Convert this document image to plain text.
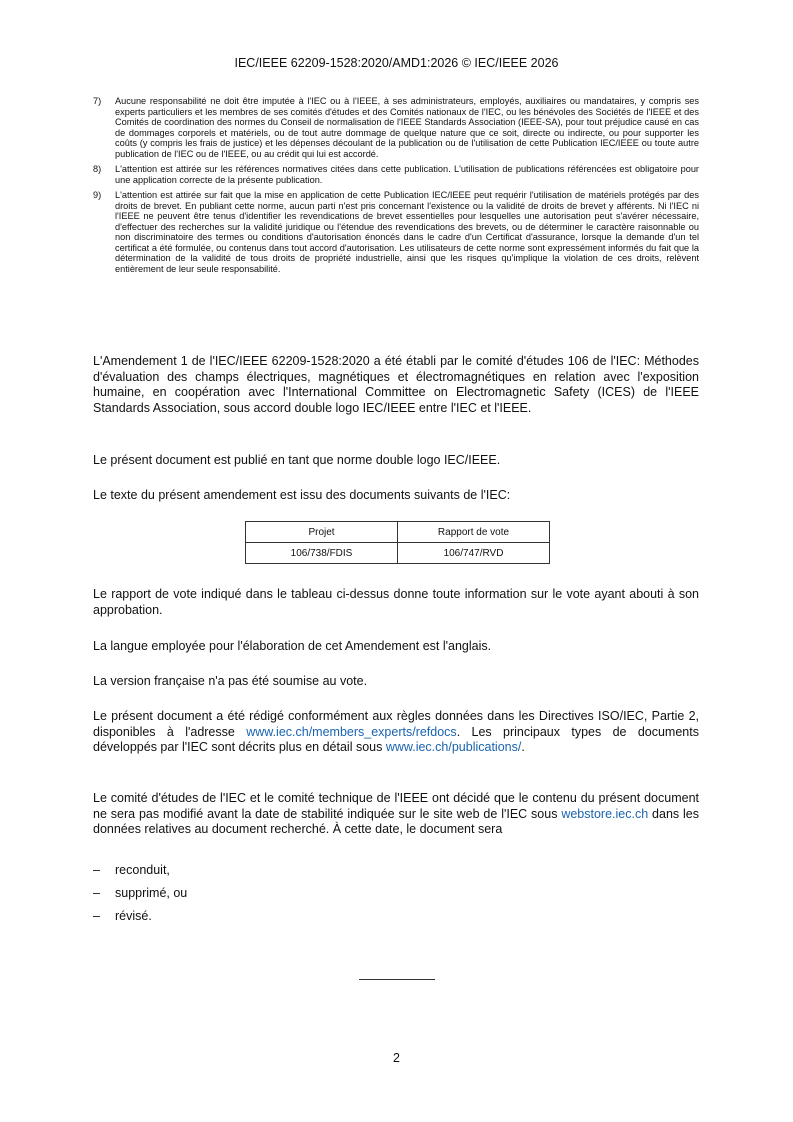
IEC/IEEE 62209-1528:2020/AMD1:2026 © IEC/IEEE 2026
7) Aucune responsabilité ne doit être imputée à l'IEC ou à l'IEEE, à ses administrateurs, employés, auxiliaires ou mandataires, y compris ses experts particuliers et les membres de ses comités d'études et des Comités nationaux de l'IEC, ou les bénévoles des Sociétés de l'IEEE et des Comités de coordination des normes du Conseil de normalisation de l'IEEE Standards Association (IEEE-SA), pour tout préjudice causé en cas de dommages corporels et matériels, ou de tout autre dommage de quelque nature que ce soit, directe ou indirecte, ou pour supporter les coûts (y compris les frais de justice) et les dépenses découlant de la publication ou de l'utilisation de cette Publication IEC/IEEE ou toute autre publication de l'IEC ou de l'IEEE, ou au crédit qui lui est accordé.
8) L'attention est attirée sur les références normatives citées dans cette publication. L'utilisation de publications référencées est obligatoire pour une application correcte de la présente publication.
9) L'attention est attirée sur fait que la mise en application de cette Publication IEC/IEEE peut requérir l'utilisation de matériels protégés par des droits de brevet. En publiant cette norme, aucun parti n'est pris concernant l'existence ou la validité de droits de brevet y afférents. Ni l'IEC ni l'IEEE ne peuvent être tenus d'identifier les revendications de brevet essentielles pour lesquelles une autorisation peut s'avérer nécessaire, d'effectuer des recherches sur la validité juridique ou l'étendue des revendications des brevets, ou de déterminer le caractère raisonnable ou non discriminatoire des termes ou conditions d'autorisation énoncés dans le cadre d'un Certificat d'assurance, lorsque la demande d'un tel certificat a été formulée, ou contenus dans tout accord d'autorisation. Les utilisateurs de cette norme sont expressément informés du fait que la détermination de la validité de tous droits de propriété industrielle, ainsi que les risques qu'implique la violation de ces droits, relèvent entièrement de leur seule responsabilité.

L'Amendement 1 de l'IEC/IEEE 62209-1528:2020 a été établi par le comité d'études 106 de l'IEC: Méthodes d'évaluation des champs électriques, magnétiques et électromagnétiques en relation avec l'exposition humaine, en coopération avec l'International Committee on Electromagnetic Safety (ICES) de l'IEEE Standards Association, sous accord double logo IEC/IEEE entre l'IEC et l'IEEE.

Le présent document est publié en tant que norme double logo IEC/IEEE.

Le texte du présent amendement est issu des documents suivants de l'IEC:

Projet	Rapport de vote
106/738/FDIS	106/747/RVD

Le rapport de vote indiqué dans le tableau ci-dessus donne toute information sur le vote ayant abouti à son approbation.

La langue employée pour l'élaboration de cet Amendement est l'anglais.

La version française n'a pas été soumise au vote.

Le présent document a été rédigé conformément aux règles données dans les Directives ISO/IEC, Partie 2, disponibles à l'adresse www.iec.ch/members_experts/refdocs. Les principaux types de documents développés par l'IEC sont décrits plus en détail sous www.iec.ch/publications/.

Le comité d'études de l'IEC et le comité technique de l'IEEE ont décidé que le contenu du présent document ne sera pas modifié avant la date de stabilité indiquée sur le site web de l'IEC sous webstore.iec.ch dans les données relatives au document recherché. À cette date, le document sera

– reconduit,
– supprimé, ou
– révisé.
2
